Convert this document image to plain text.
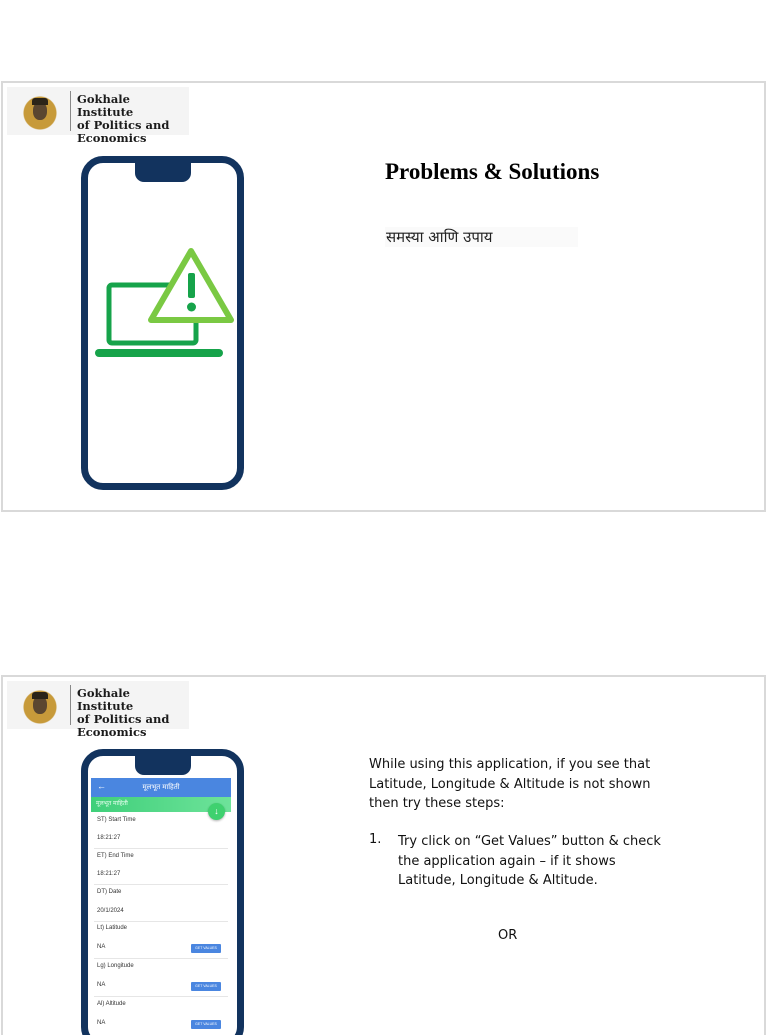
Gokhale Institute
of Politics and
Economics
Problems & Solutions
समस्या आणि उपाय
Gokhale Institute
of Politics and
Economics
←	मूलभूत माहिती
मूलभूत माहिती
↓
ST) Start Time
18:21:27
ET) End Time
18:21:27
DT) Date
20/1/2024
Lt) Latitude
NA	GET VALUES
Lg) Longitude
NA	GET VALUES
Al) Altitude
NA	GET VALUES
While using this application, if you see that
Latitude, Longitude & Altitude is not shown
then try these steps:
1. Try click on “Get Values” button & check
the application again – if it shows
Latitude, Longitude & Altitude.
OR
